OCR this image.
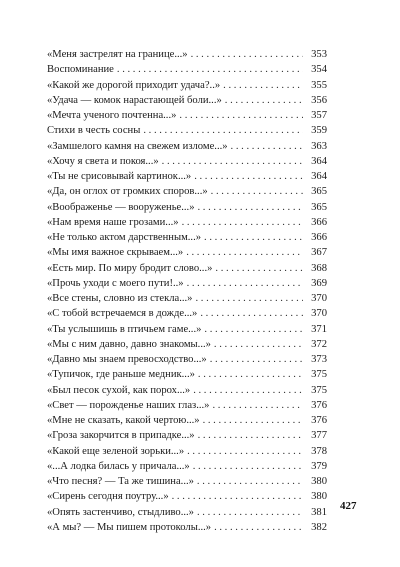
«Меня застрелят на границе...» . . .	353
Воспоминание . . .	354
«Какой же дорогой приходит удача?..» . . .	355
«Удача — комок нарастающей боли...» . . .	356
«Мечта ученого почтенна...» . . .	357
Стихи в честь сосны . . .	359
«Замшелого камня на свежем изломе...» . . .	363
«Хочу я света и покоя...» . . .	364
«Ты не срисовывай картинок...» . . .	364
«Да, он оглох от громких споров...» . . .	365
«Воображенье — вооруженье...» . . .	365
«Нам время наше грозами...» . . .	366
«Не только актом дарственным...» . . .	366
«Мы имя важное скрываем...» . . .	367
«Есть мир. По миру бродит слово...» . . .	368
«Прочь уходи с моего пути!..» . . .	369
«Все стены, словно из стекла...» . . .	370
«С тобой встречаемся в дожде...» . . .	370
«Ты услышишь в птичьем гаме...» . . .	371
«Мы с ним давно, давно знакомы...» . . .	372
«Давно мы знаем превосходство...» . . .	373
«Тупичок, где раньше медник...» . . .	375
«Был песок сухой, как порох...» . . .	375
«Свет — порожденье наших глаз...» . . .	376
«Мне не сказать, какой чертою...» . . .	376
«Гроза закорчится в припадке...» . . .	377
«Какой еще зеленой зорьки...» . . .	378
«...А лодка билась у причала...» . . .	379
«Что песня? — Та же тишина...» . . .	380
«Сирень сегодня поутру...» . . .	380
«Опять застенчиво, стыдливо...» . . .	381
«А мы? — Мы пишем протоколы...» . . .	382
427
